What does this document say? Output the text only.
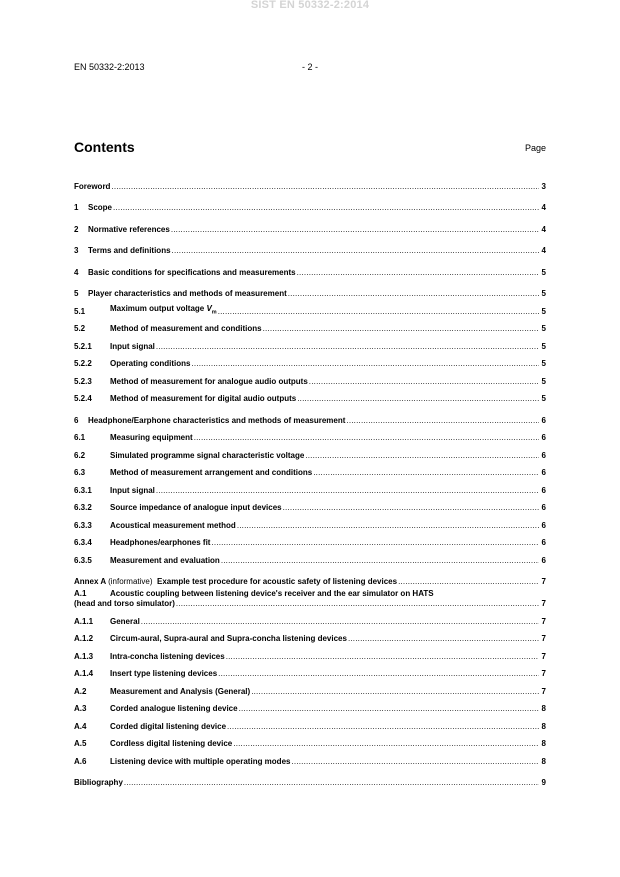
SIST EN 50332-2:2014
EN 50332-2:2013	- 2 -
Contents	Page
Foreword .....	3
1	Scope .....	4
2	Normative references .....	4
3	Terms and definitions .....	4
4	Basic conditions for specifications and measurements .....	5
5	Player characteristics and methods of measurement .....	5
5.1	Maximum output voltage $V_m$ .....	5
5.2	Method of measurement and conditions .....	5
5.2.1	Input signal .....	5
5.2.2	Operating conditions .....	5
5.2.3	Method of measurement for analogue audio outputs .....	5
5.2.4	Method of measurement for digital audio outputs .....	5
6	Headphone/Earphone characteristics and methods of measurement .....	6
6.1	Measuring equipment .....	6
6.2	Simulated programme signal characteristic voltage .....	6
6.3	Method of measurement arrangement and conditions .....	6
6.3.1	Input signal .....	6
6.3.2	Source impedance of analogue input devices .....	6
6.3.3	Acoustical measurement method .....	6
6.3.4	Headphones/earphones fit .....	6
6.3.5	Measurement and evaluation .....	6
Annex A (informative)  Example test procedure for acoustic safety of listening devices .....	7
A.1	Acoustic coupling between listening device's receiver and the ear simulator on HATS
(head and torso simulator) .....	7
A.1.1	General .....	7
A.1.2	Circum-aural, Supra-aural and Supra-concha listening devices .....	7
A.1.3	Intra-concha listening devices .....	7
A.1.4	Insert type listening devices .....	7
A.2	Measurement and Analysis (General) .....	7
A.3	Corded analogue listening device .....	8
A.4	Corded digital listening device .....	8
A.5	Cordless digital listening device .....	8
A.6	Listening device with multiple operating modes .....	8
Bibliography .....	9
